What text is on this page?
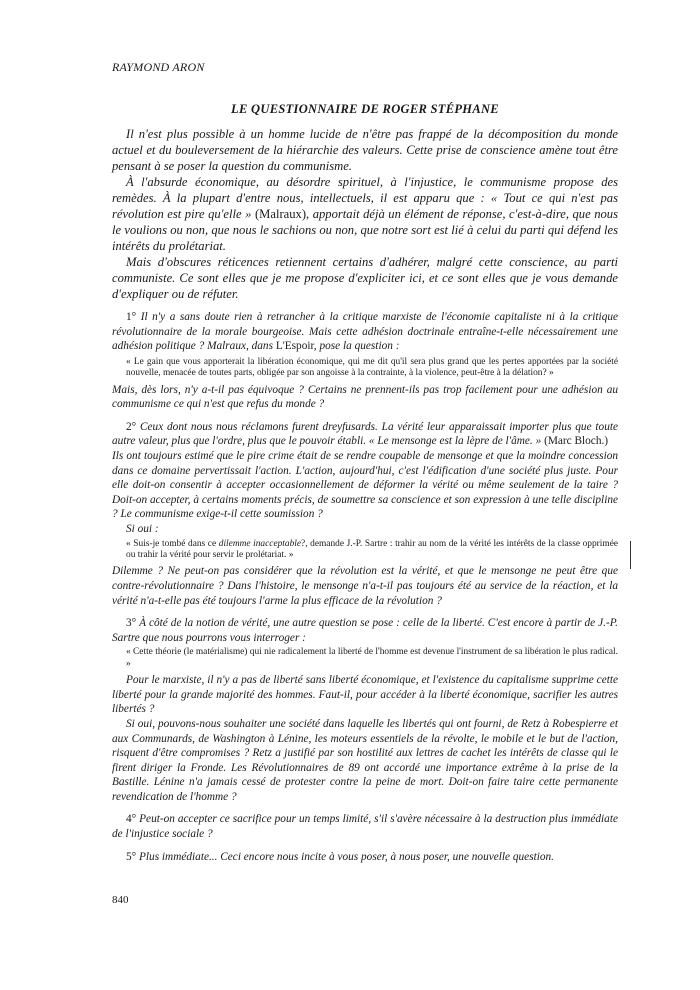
RAYMOND ARON
LE QUESTIONNAIRE DE ROGER STÉPHANE

Il n'est plus possible à un homme lucide de n'être pas frappé de la décomposition du monde actuel et du bouleversement de la hiérarchie des valeurs. Cette prise de conscience amène tout être pensant à se poser la question du communisme.

À l'absurde économique, au désordre spirituel, à l'injustice, le communisme propose des remèdes. À la plupart d'entre nous, intellectuels, il est apparu que : « Tout ce qui n'est pas révolution est pire qu'elle » (Malraux), apportait déjà un élément de réponse, c'est-à-dire, que nous le voulions ou non, que nous le sachions ou non, que notre sort est lié à celui du parti qui défend les intérêts du prolétariat.

Mais d'obscures réticences retiennent certains d'adhérer, malgré cette conscience, au parti communiste. Ce sont elles que je me propose d'expliciter ici, et ce sont elles que je vous demande d'expliquer ou de réfuter.

1° Il n'y a sans doute rien à retrancher à la critique marxiste de l'économie capitaliste ni à la critique révolutionnaire de la morale bourgeoise. Mais cette adhésion doctrinale entraîne-t-elle nécessairement une adhésion politique ? Malraux, dans L'Espoir, pose la question :

« Le gain que vous apporterait la libération économique, qui me dit qu'il sera plus grand que les pertes apportées par la société nouvelle, menacée de toutes parts, obligée par son angoisse à la contrainte, à la violence, peut-être à la délation? »

Mais, dès lors, n'y a-t-il pas équivoque ? Certains ne prennent-ils pas trop facilement pour une adhésion au communisme ce qui n'est que refus du monde ?

2° Ceux dont nous nous réclamons furent dreyfusards. La vérité leur apparaissait importer plus que toute autre valeur, plus que l'ordre, plus que le pouvoir établi. « Le mensonge est la lèpre de l'âme. » (Marc Bloch.)

Ils ont toujours estimé que le pire crime était de se rendre coupable de mensonge et que la moindre concession dans ce domaine pervertissait l'action. L'action, aujourd'hui, c'est l'édification d'une société plus juste. Pour elle doit-on consentir à accepter occasionnellement de déformer la vérité ou même seulement de la taire ? Doit-on accepter, à certains moments précis, de soumettre sa conscience et son expression à une telle discipline ? Le communisme exige-t-il cette soumission ?

Si oui :

« Suis-je tombé dans ce dilemme inacceptable?, demande J.-P. Sartre : trahir au nom de la vérité les intérêts de la classe opprimée ou trahir la vérité pour servir le prolétariat. »

Dilemme ? Ne peut-on pas considérer que la révolution est la vérité, et que le mensonge ne peut être que contre-révolutionnaire ? Dans l'histoire, le mensonge n'a-t-il pas toujours été au service de la réaction, et la vérité n'a-t-elle pas été toujours l'arme la plus efficace de la révolution ?

3° À côté de la notion de vérité, une autre question se pose : celle de la liberté. C'est encore à partir de J.-P. Sartre que nous pourrons vous interroger :

« Cette théorie (le matérialisme) qui nie radicalement la liberté de l'homme est devenue l'instrument de sa libération le plus radical. »

Pour le marxiste, il n'y a pas de liberté sans liberté économique, et l'existence du capitalisme supprime cette liberté pour la grande majorité des hommes. Faut-il, pour accéder à la liberté économique, sacrifier les autres libertés ?

Si oui, pouvons-nous souhaiter une société dans laquelle les libertés qui ont fourni, de Retz à Robespierre et aux Communards, de Washington à Lénine, les moteurs essentiels de la révolte, le mobile et le but de l'action, risquent d'être compromises ? Retz a justifié par son hostilité aux lettres de cachet les intérêts de classe qui le firent diriger la Fronde. Les Révolutionnaires de 89 ont accordé une importance extrême à la prise de la Bastille. Lénine n'a jamais cessé de protester contre la peine de mort. Doit-on faire taire cette permanente revendication de l'homme ?

4° Peut-on accepter ce sacrifice pour un temps limité, s'il s'avère nécessaire à la destruction plus immédiate de l'injustice sociale ?

5° Plus immédiate... Ceci encore nous incite à vous poser, à nous poser, une nouvelle question.

840
